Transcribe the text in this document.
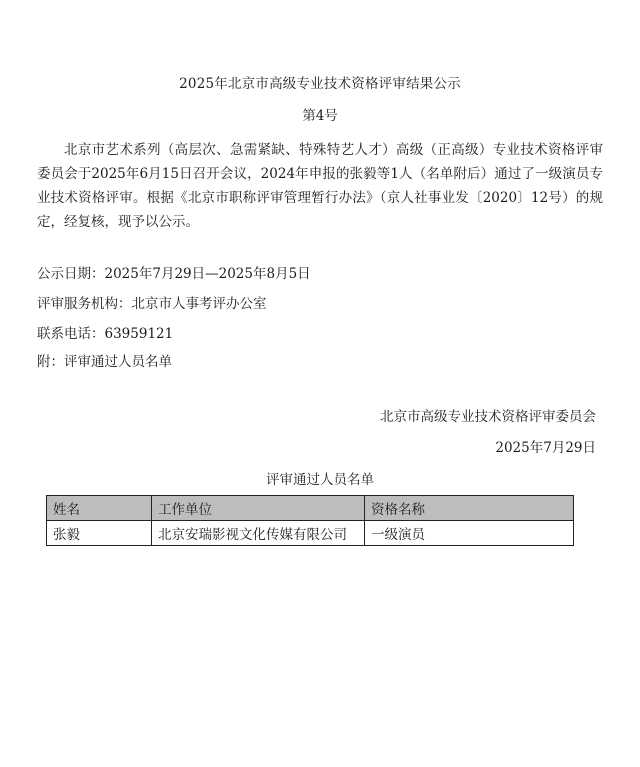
2025年北京市高级专业技术资格评审结果公示
第4号
北京市艺术系列（高层次、急需紧缺、特殊特艺人才）高级（正高级）专业技术资格评审委员会于2025年6月15日召开会议，2024年申报的张毅等1人（名单附后）通过了一级演员专业技术资格评审。根据《北京市职称评审管理暂行办法》（京人社事业发〔2020〕12号）的规定，经复核，现予以公示。
公示日期：2025年7月29日—2025年8月5日
评审服务机构：北京市人事考评办公室
联系电话：63959121
附：评审通过人员名单
北京市高级专业技术资格评审委员会
2025年7月29日
评审通过人员名单
姓名	工作单位	资格名称
张毅	北京安瑞影视文化传媒有限公司	一级演员
